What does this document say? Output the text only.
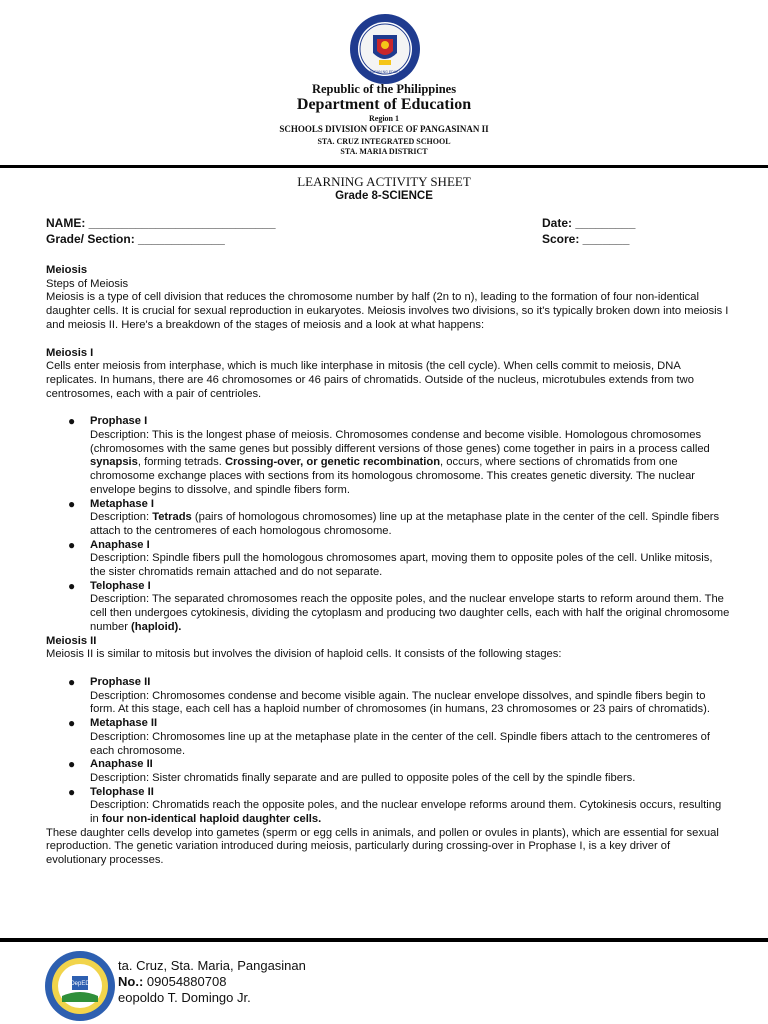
KAGAWARAN NG EDUKASYON
Republic of the Philippines
Department of Education
Region 1
SCHOOLS DIVISION OFFICE OF PANGASINAN II
STA. CRUZ INTEGRATED SCHOOL
STA. MARIA DISTRICT
LEARNING ACTIVITY SHEET
Grade 8-SCIENCE
NAME: ____________________________
Grade/ Section: _____________
Date: _________
Score: _______

Meiosis

Steps of Meiosis

Meiosis is a type of cell division that reduces the chromosome number by half (2n to n), leading to the formation of four non-identical daughter cells. It is crucial for sexual reproduction in eukaryotes. Meiosis involves two divisions, so it's typically broken down into meiosis I and meiosis II. Here's a breakdown of the stages of meiosis and a look at what happens:

Meiosis I

Cells enter meiosis from interphase, which is much like interphase in mitosis (the cell cycle). When cells commit to meiosis, DNA replicates. In humans, there are 46 chromosomes or 46 pairs of chromatids. Outside of the nucleus, microtubules extends from two centrosomes, each with a pair of centrioles.

● Prophase I

Description: This is the longest phase of meiosis. Chromosomes condense and become visible. Homologous chromosomes (chromosomes with the same genes but possibly different versions of those genes) come together in pairs in a process called synapsis, forming tetrads. Crossing-over, or genetic recombination, occurs, where sections of chromatids from one chromosome exchange places with sections from its homologous chromosome. This creates genetic diversity. The nuclear envelope begins to dissolve, and spindle fibers form.

● Metaphase I

Description: Tetrads (pairs of homologous chromosomes) line up at the metaphase plate in the center of the cell. Spindle fibers attach to the centromeres of each homologous chromosome.

● Anaphase I

Description: Spindle fibers pull the homologous chromosomes apart, moving them to opposite poles of the cell. Unlike mitosis, the sister chromatids remain attached and do not separate.

● Telophase I

Description: The separated chromosomes reach the opposite poles, and the nuclear envelope starts to reform around them. The cell then undergoes cytokinesis, dividing the cytoplasm and producing two daughter cells, each with half the original chromosome number (haploid).

Meiosis II

Meiosis II is similar to mitosis but involves the division of haploid cells. It consists of the following stages:

● Prophase II

Description: Chromosomes condense and become visible again. The nuclear envelope dissolves, and spindle fibers begin to form. At this stage, each cell has a haploid number of chromosomes (in humans, 23 chromosomes or 23 pairs of chromatids).

● Metaphase II

Description: Chromosomes line up at the metaphase plate in the center of the cell. Spindle fibers attach to the centromeres of each chromosome.

● Anaphase II

Description: Sister chromatids finally separate and are pulled to opposite poles of the cell by the spindle fibers.

● Telophase II

Description: Chromatids reach the opposite poles, and the nuclear envelope reforms around them. Cytokinesis occurs, resulting in four non-identical haploid daughter cells.

These daughter cells develop into gametes (sperm or egg cells in animals, and pollen or ovules in plants), which are essential for sexual reproduction. The genetic variation introduced during meiosis, particularly during crossing-over in Prophase I, is a key driver of evolutionary processes.

DepED
ta. Cruz, Sta. Maria, Pangasinan
No.: 09054880708
eopoldo T. Domingo Jr.
